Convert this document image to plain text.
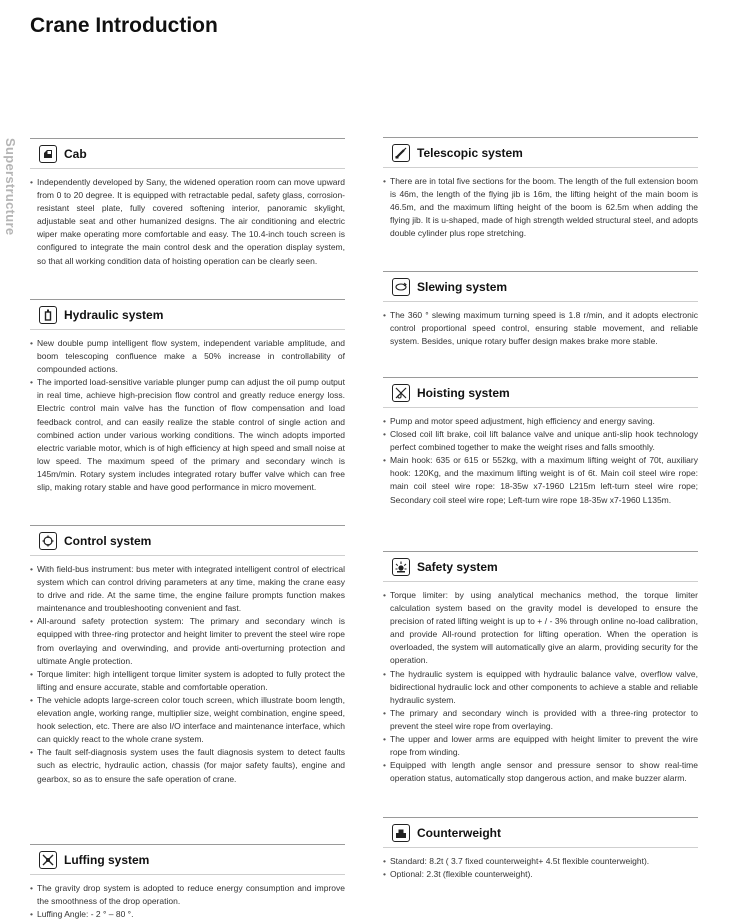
Crane Introduction
Superstructure	Cab
• Independently developed by Sany, the widened operation room can move upward from 0 to 20 degree. It is equipped with retractable pedal, safety glass, corrosion-resistant steel plate, fully covered softening interior, panoramic skylight, adjustable seat and other humanized designs. The air conditioning and electric wiper make operating more comfortable and easy. The 10.4-inch touch screen is configured to integrate the main control desk and the operation display system, so that all working condition data of hoisting operation can be clearly seen.
Hydraulic system
• New double pump intelligent flow system, independent variable amplitude, and boom telescoping confluence make a 50% increase in controllability of compounded actions.
• The imported load-sensitive variable plunger pump can adjust the oil pump output in real time, achieve high-precision flow control and greatly reduce energy loss. Electric control main valve has the function of flow compensation and load feedback control, and can easily realize the stable control of single action and combined action under various working conditions. The winch adopts imported electric variable motor, which is of high efficiency at high speed and small noise at low speed. The maximum speed of the primary and secondary winch is 145m/min. Rotary system includes integrated rotary buffer valve which can free slip, making rotary stable and have good performance in micro movement.
Control system
• With field-bus instrument: bus meter with integrated intelligent control of electrical system which can control driving parameters at any time, making the crane easy to drive and ride. At the same time, the engine failure prompts function makes maintenance and troubleshooting convenient and fast.
• All-around safety protection system: The primary and secondary winch is equipped with three-ring protector and height limiter to prevent the steel wire rope from overlaying and overwinding, and provide anti-overturning protection and ultimate Angle protection.
• Torque limiter: high intelligent torque limiter system is adopted to fully protect the lifting and ensure accurate, stable and comfortable operation.
• The vehicle adopts large-screen color touch screen, which illustrate boom length, elevation angle, working range, multiplier size, weight combination, engine speed, hook selection, etc. There are also I/O interface and maintenance interface, which can quickly react to the whole crane system.
• The fault self-diagnosis system uses the fault diagnosis system to detect faults such as electric, hydraulic action, chassis (for major safety faults), engine and gearbox, so as to ensure the safe operation of crane.
Luffing system
• The gravity drop system is adopted to reduce energy consumption and improve the smoothness of the drop operation.
• Luffing Angle: - 2 ° – 80 °.
Telescopic system
• There are in total five sections for the boom. The length of the full extension boom is 46m, the length of the flying jib is 16m, the lifting height of the main boom is 46.5m, and the maximum lifting height of the boom is 62.5m when adding the flying jib. It is u-shaped, made of high strength welded structural steel, and adopts double cylinder plus rope stretching.
Slewing system
• The 360 ° slewing maximum turning speed is 1.8 r/min, and it adopts electronic control proportional speed control, ensuring stable movement, and reliable system. Besides, unique rotary buffer design makes brake more stable.
Hoisting system
• Pump and motor speed adjustment, high efficiency and energy saving.
• Closed coil lift brake, coil lift balance valve and unique anti-slip hook technology perfect combined together to make the weight rises and falls smoothly.
• Main hook: 635 or 615 or 552kg, with a maximum lifting weight of 70t, auxiliary hook: 120Kg, and the maximum lifting weight is of 6t. Main coil steel wire rope: main coil steel wire rope: 18-35w x7-1960 L215m left-turn steel wire rope; Secondary coil steel wire rope; Left-turn wire rope 18-35w x7-1960 L135m.
Safety system
• Torque limiter: by using analytical mechanics method, the torque limiter calculation system based on the gravity model is developed to ensure the precision of rated lifting weight is up to + / - 3% through online no-load calibration, and provide All-round protection for lifting operation. When the operation is overloaded, the system will automatically give an alarm, providing security for the operation.
• The hydraulic system is equipped with hydraulic balance valve, overflow valve, bidirectional hydraulic lock and other components to achieve a stable and reliable hydraulic system.
• The primary and secondary winch is provided with a three-ring protector to prevent the steel wire rope from overlaying.
• The upper and lower arms are equipped with height limiter to prevent the wire rope from winding.
• Equipped with length angle sensor and pressure sensor to show real-time operation status, automatically stop dangerous action, and make buzzer alarm.
Counterweight
• Standard: 8.2t ( 3.7 fixed counterweight+ 4.5t flexible counterweight).
• Optional: 2.3t (flexible counterweight).
